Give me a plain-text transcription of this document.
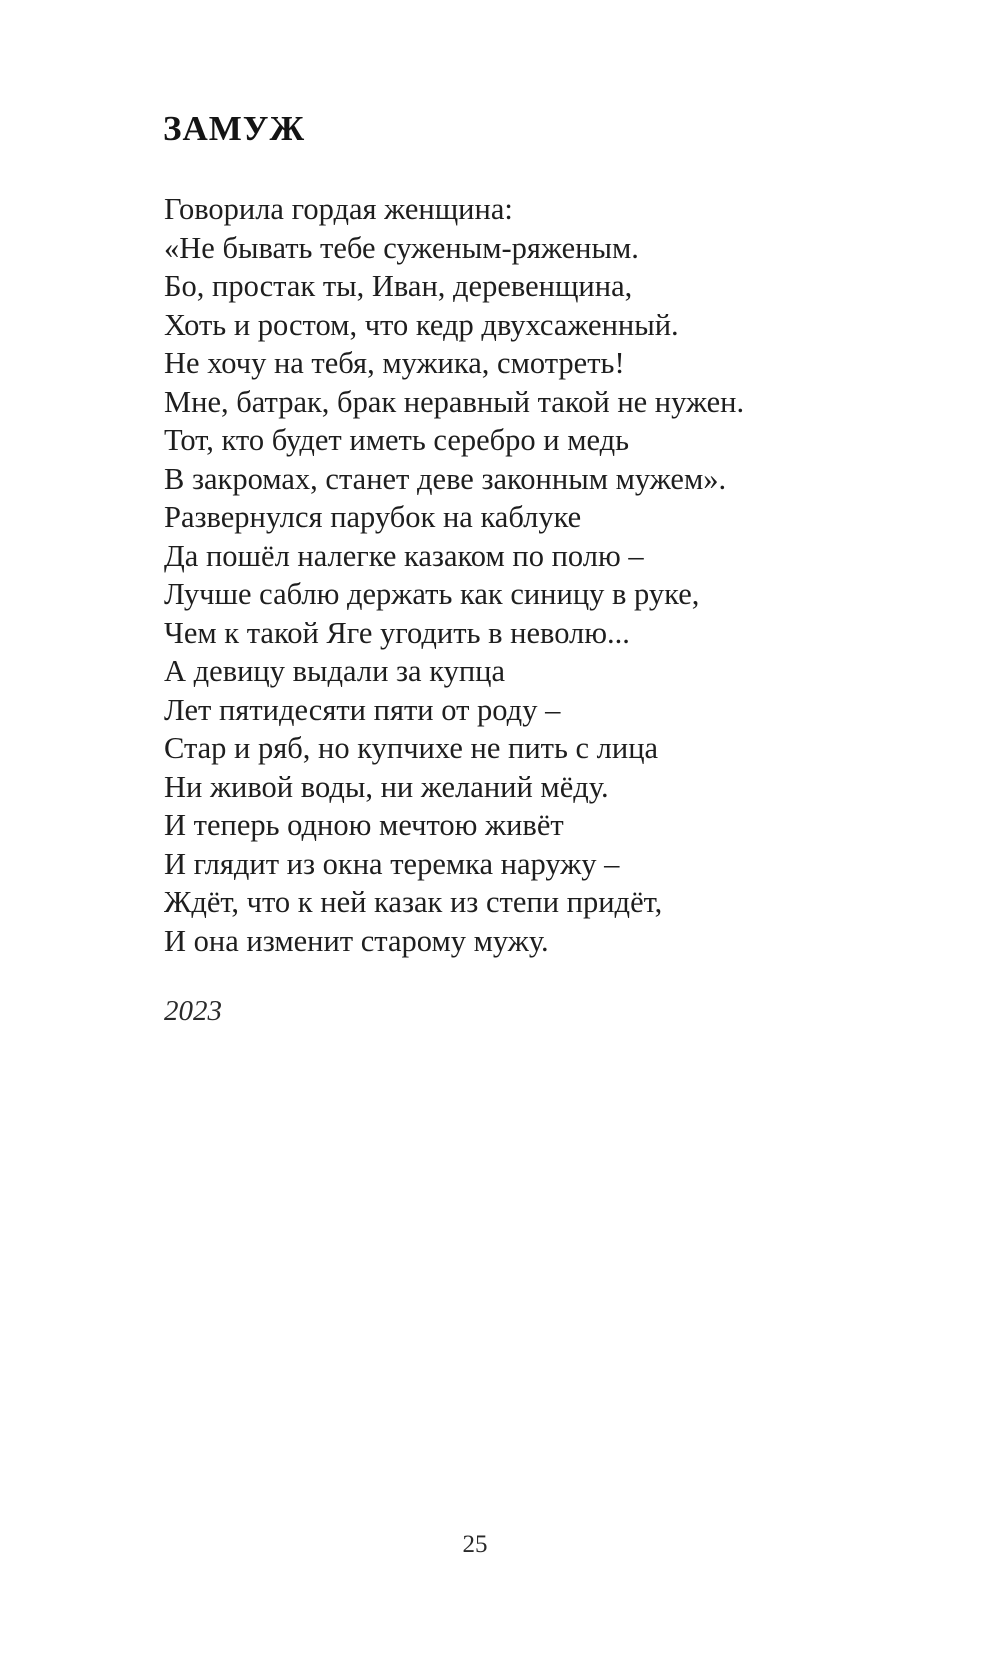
ЗАМУЖ
Говорила гордая женщина:
«Не бывать тебе суженым-ряженым.
Бо, простак ты, Иван, деревенщина,
Хоть и ростом, что кедр двухсаженный.
Не хочу на тебя, мужика, смотреть!
Мне, батрак, брак неравный такой не нужен.
Тот, кто будет иметь серебро и медь
В закромах, станет деве законным мужем».
Развернулся парубок на каблуке
Да пошёл налегке казаком по полю –
Лучше саблю держать как синицу в руке,
Чем к такой Яге угодить в неволю...
А девицу выдали за купца
Лет пятидесяти пяти от роду –
Стар и ряб, но купчихе не пить с лица
Ни живой воды, ни желаний мёду.
И теперь одною мечтою живёт
И глядит из окна теремка наружу –
Ждёт, что к ней казак из степи придёт,
И она изменит старому мужу.
2023
25
